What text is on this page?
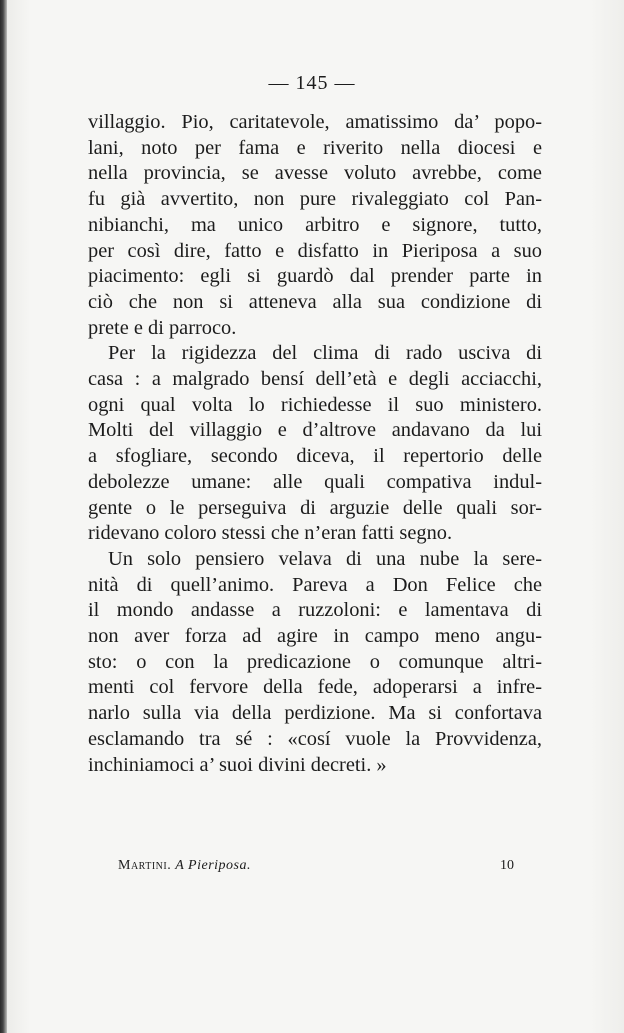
— 145 —
villaggio. Pio, caritatevole, amatissimo da’ popo-
lani, noto per fama e riverito nella diocesi e
nella provincia, se avesse voluto avrebbe, come
fu già avvertito, non pure rivaleggiato col Pan-
nibianchi, ma unico arbitro e signore, tutto,
per così dire, fatto e disfatto in Pieriposa a suo
piacimento: egli si guardò dal prender parte in
ciò che non si atteneva alla sua condizione di
prete e di parroco.
Per la rigidezza del clima di rado usciva di
casa : a malgrado bensí dell’età e degli acciacchi,
ogni qual volta lo richiedesse il suo ministero.
Molti del villaggio e d’altrove andavano da lui
a sfogliare, secondo diceva, il repertorio delle
debolezze umane: alle quali compativa indul-
gente o le perseguiva di arguzie delle quali sor-
ridevano coloro stessi che n’eran fatti segno.
Un solo pensiero velava di una nube la sere-
nità di quell’animo. Pareva a Don Felice che
il mondo andasse a ruzzoloni: e lamentava di
non aver forza ad agire in campo meno angu-
sto: o con la predicazione o comunque altri-
menti col fervore della fede, adoperarsi a infre-
narlo sulla via della perdizione. Ma si confortava
esclamando tra sé : «cosí vuole la Provvidenza,
inchiniamoci a’ suoi divini decreti. »
Martini. A Pieriposa.	10
